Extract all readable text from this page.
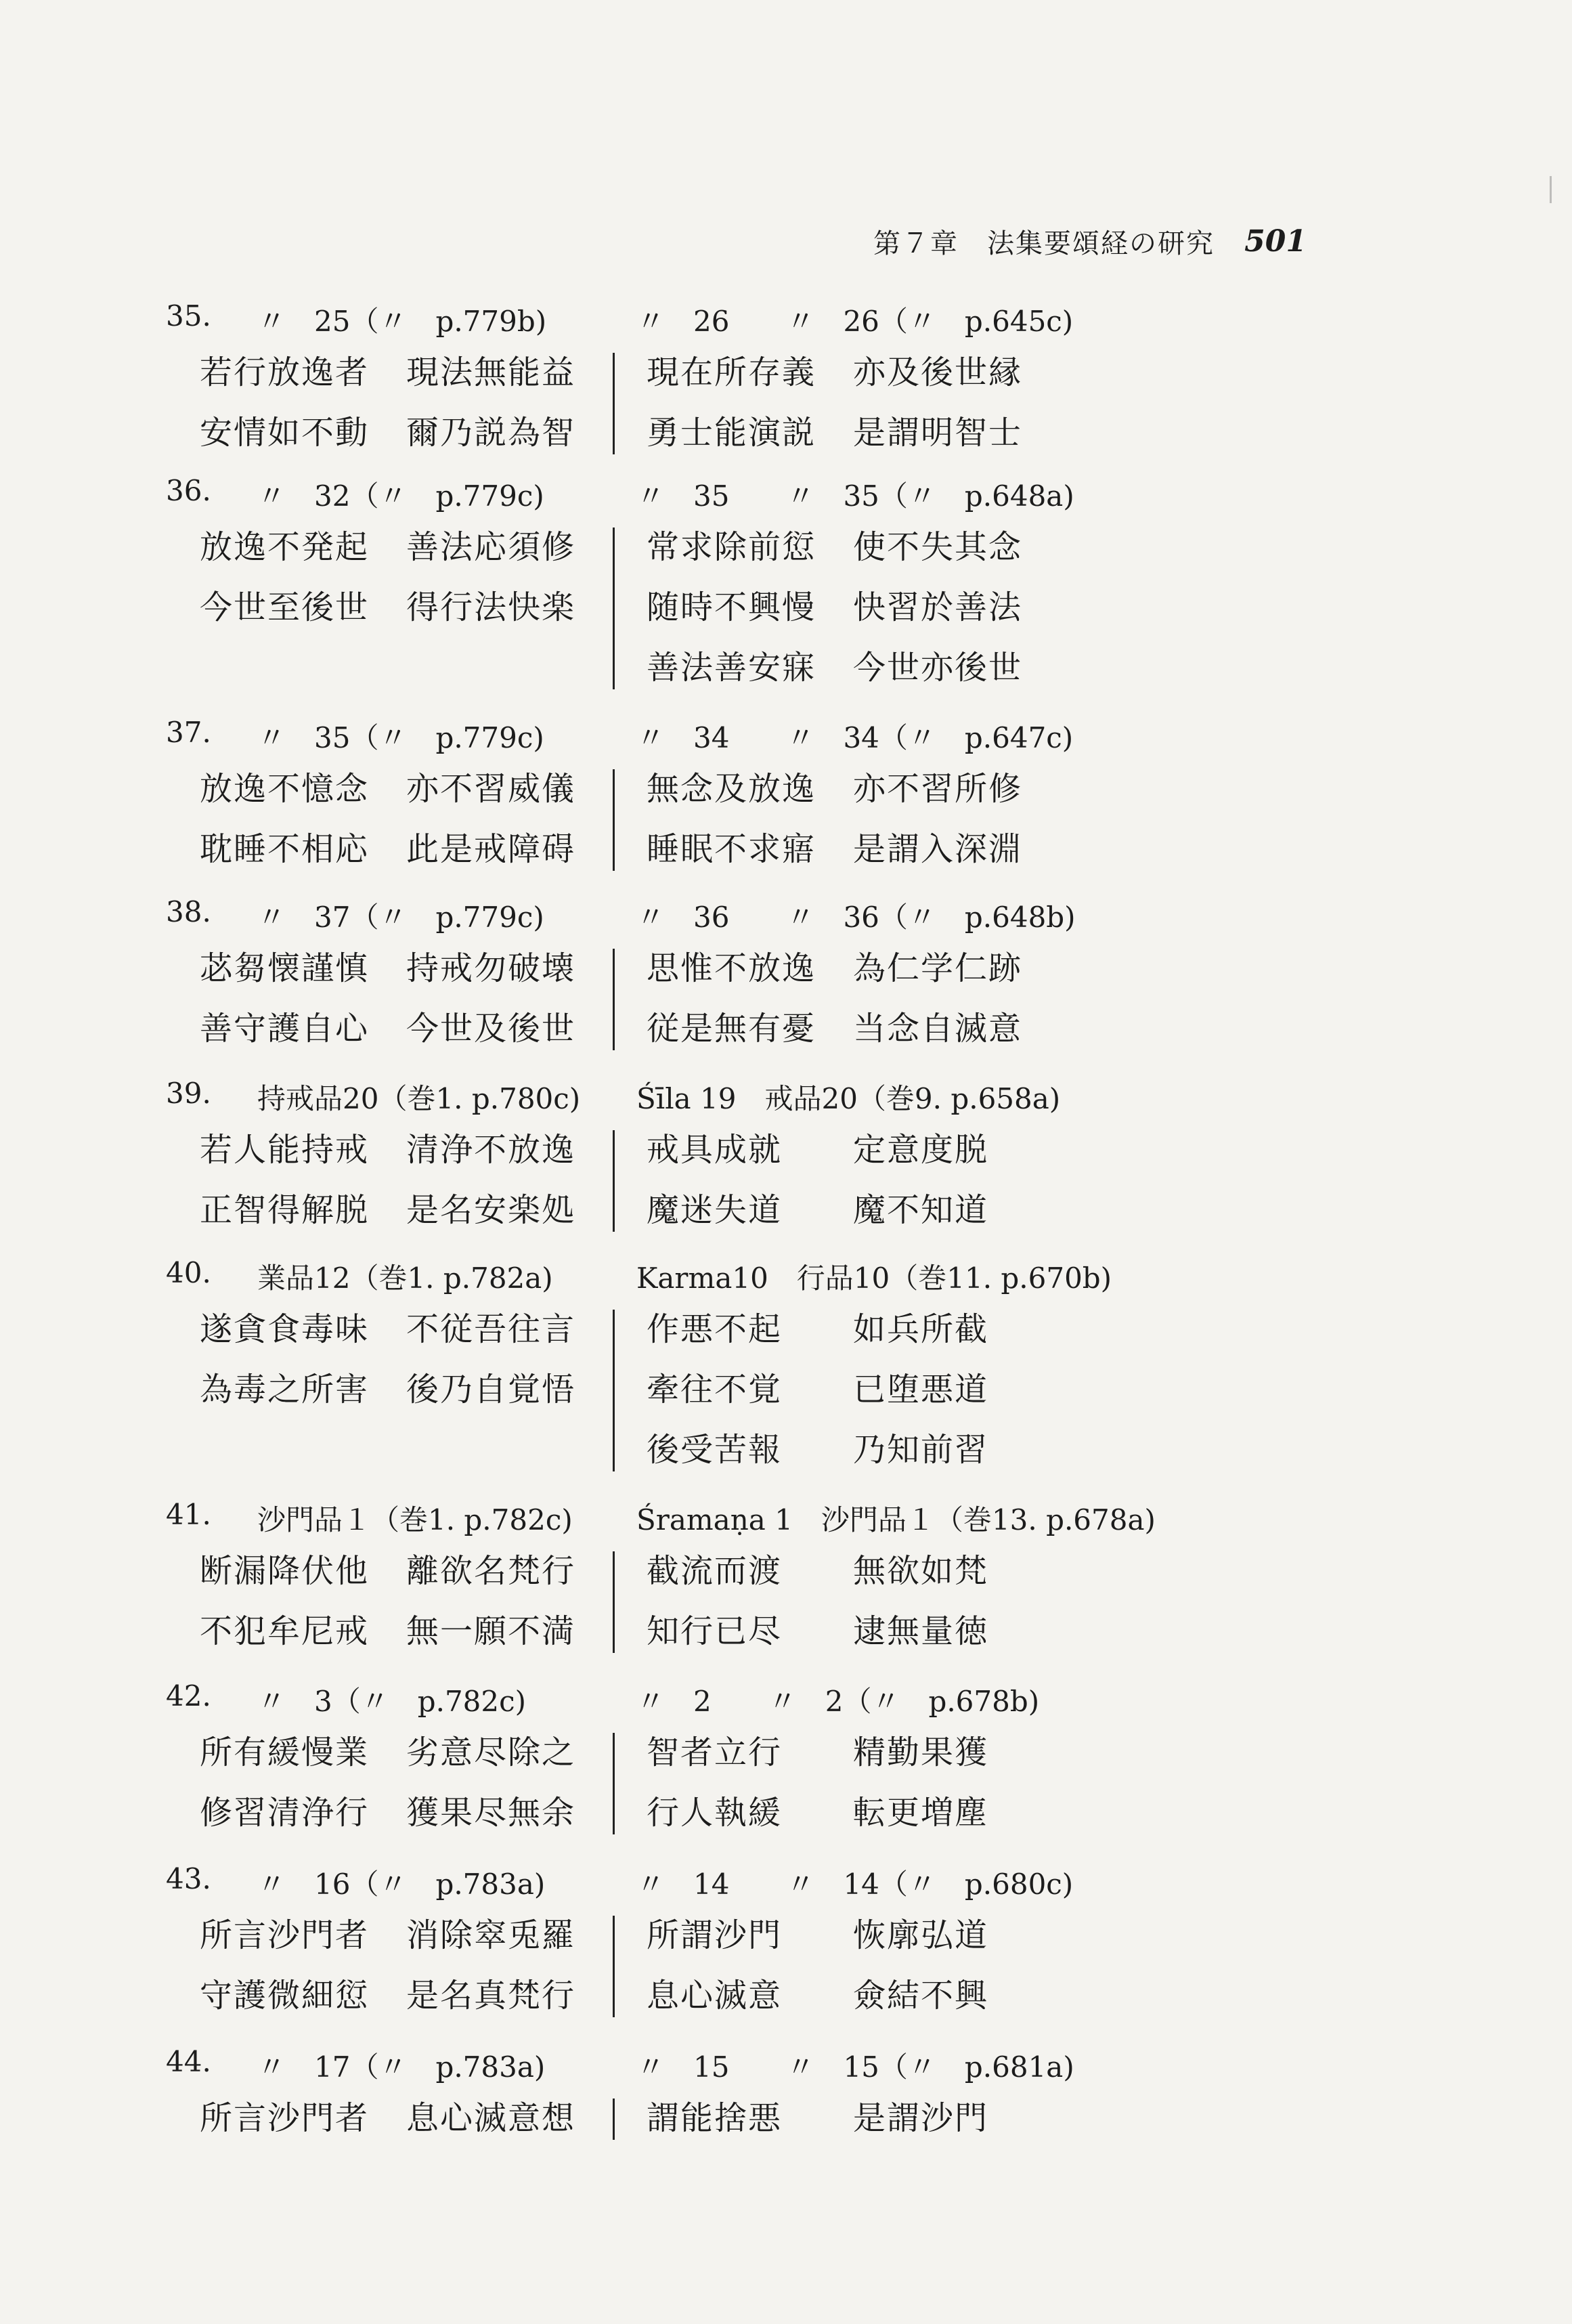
第７章　法集要頌経の研究 501
35. 〃　25（〃　p.779b)	〃　26　　〃　26（〃　p.645c)
若行放逸者 現法無能益 現在所存義 亦及後世縁
安情如不動 爾乃説為智 勇士能演説 是謂明智士
36. 〃　32（〃　p.779c)	〃　35　　〃　35（〃　p.648a)
放逸不発起 善法応須修 常求除前愆 使不失其念
今世至後世 得行法快楽 随時不興慢 快習於善法
善法善安寐 今世亦後世
37. 〃　35（〃　p.779c)	〃　34　　〃　34（〃　p.647c)
放逸不憶念 亦不習威儀 無念及放逸 亦不習所修
耽睡不相応 此是戒障碍 睡眠不求寤 是謂入深淵
38. 〃　37（〃　p.779c)	〃　36　　〃　36（〃　p.648b)
苾芻懐謹慎 持戒勿破壊 思惟不放逸 為仁学仁跡
善守護自心 今世及後世 従是無有憂 当念自滅意
39. 持戒品20（巻1. p.780c) Śīla 19　戒品20（巻9. p.658a)
若人能持戒 清浄不放逸 戒具成就 定意度脱
正智得解脱 是名安楽処 魔迷失道 魔不知道
40. 業品12（巻1. p.782a)	Karma10　行品10（巻11. p.670b)
遂貪食毒味 不従吾往言 作悪不起 如兵所截
為毒之所害 後乃自覚悟 牽往不覚 已堕悪道
後受苦報 乃知前習
41. 沙門品１（巻1. p.782c) Śramaṇa 1　沙門品１（巻13. p.678a)
断漏降伏他 離欲名梵行 截流而渡 無欲如梵
不犯牟尼戒 無一願不満 知行已尽 逮無量徳
42. 〃　3（〃　p.782c)	〃　2　　〃　2（〃　p.678b)
所有緩慢業 劣意尽除之 智者立行 精勤果獲
修習清浄行 獲果尽無余 行人執緩 転更増塵
43. 〃　16（〃　p.783a)	〃　14　　〃　14（〃　p.680c)
所言沙門者 消除窣兎羅 所謂沙門 恢廓弘道
守護微細愆 是名真梵行 息心滅意 僉結不興
44. 〃　17（〃　p.783a)	〃　15　　〃　15（〃　p.681a)
所言沙門者 息心滅意想 謂能捨悪 是謂沙門
